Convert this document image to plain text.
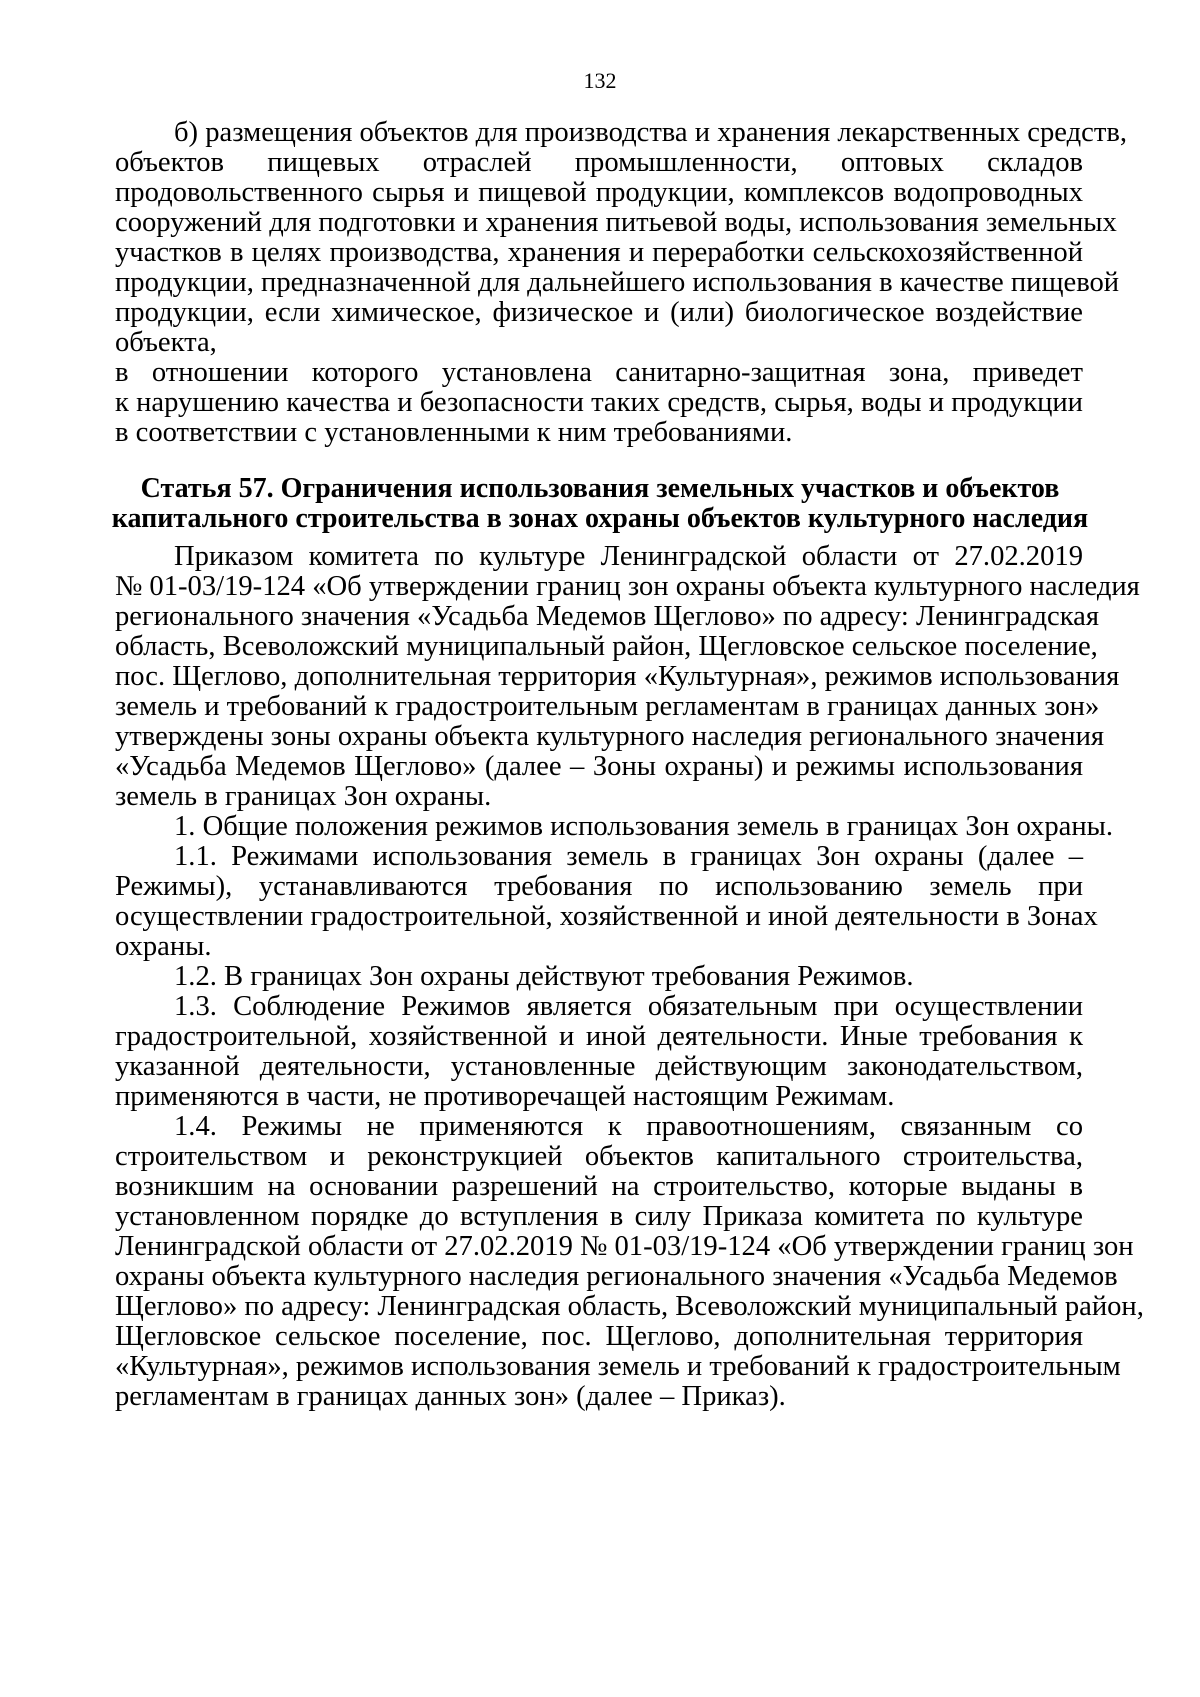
132
б) размещения объектов для производства и хранения лекарственных средств,
объектов пищевых отраслей промышленности, оптовых складов
продовольственного сырья и пищевой продукции, комплексов водопроводных
сооружений для подготовки и хранения питьевой воды, использования земельных
участков в целях производства, хранения и переработки сельскохозяйственной
продукции, предназначенной для дальнейшего использования в качестве пищевой
продукции, если химическое, физическое и (или) биологическое воздействие
объекта,
в отношении которого установлена санитарно-защитная зона, приведет
к нарушению качества и безопасности таких средств, сырья, воды и продукции
в соответствии с установленными к ним требованиями.
Статья 57. Ограничения использования земельных участков и объектов
капитального строительства в зонах охраны объектов культурного наследия
Приказом комитета по культуре Ленинградской области от 27.02.2019
№ 01-03/19-124 «Об утверждении границ зон охраны объекта культурного наследия
регионального значения «Усадьба Медемов Щеглово» по адресу: Ленинградская
область, Всеволожский муниципальный район, Щегловское сельское поселение,
пос. Щеглово, дополнительная территория «Культурная», режимов использования
земель и требований к градостроительным регламентам в границах данных зон»
утверждены зоны охраны объекта культурного наследия регионального значения
«Усадьба Медемов Щеглово» (далее – Зоны охраны) и режимы использования
земель в границах Зон охраны.
1. Общие положения режимов использования земель в границах Зон охраны.
1.1. Режимами использования земель в границах Зон охраны (далее –
Режимы), устанавливаются требования по использованию земель при
осуществлении градостроительной, хозяйственной и иной деятельности в Зонах
охраны.
1.2. В границах Зон охраны действуют требования Режимов.
1.3. Соблюдение Режимов является обязательным при осуществлении
градостроительной, хозяйственной и иной деятельности. Иные требования к
указанной деятельности, установленные действующим законодательством,
применяются в части, не противоречащей настоящим Режимам.
1.4. Режимы не применяются к правоотношениям, связанным со
строительством и реконструкцией объектов капитального строительства,
возникшим на основании разрешений на строительство, которые выданы в
установленном порядке до вступления в силу Приказа комитета по культуре
Ленинградской области от 27.02.2019 № 01-03/19-124 «Об утверждении границ зон
охраны объекта культурного наследия регионального значения «Усадьба Медемов
Щеглово» по адресу: Ленинградская область, Всеволожский муниципальный район,
Щегловское сельское поселение, пос. Щеглово, дополнительная территория
«Культурная», режимов использования земель и требований к градостроительным
регламентам в границах данных зон» (далее – Приказ).
